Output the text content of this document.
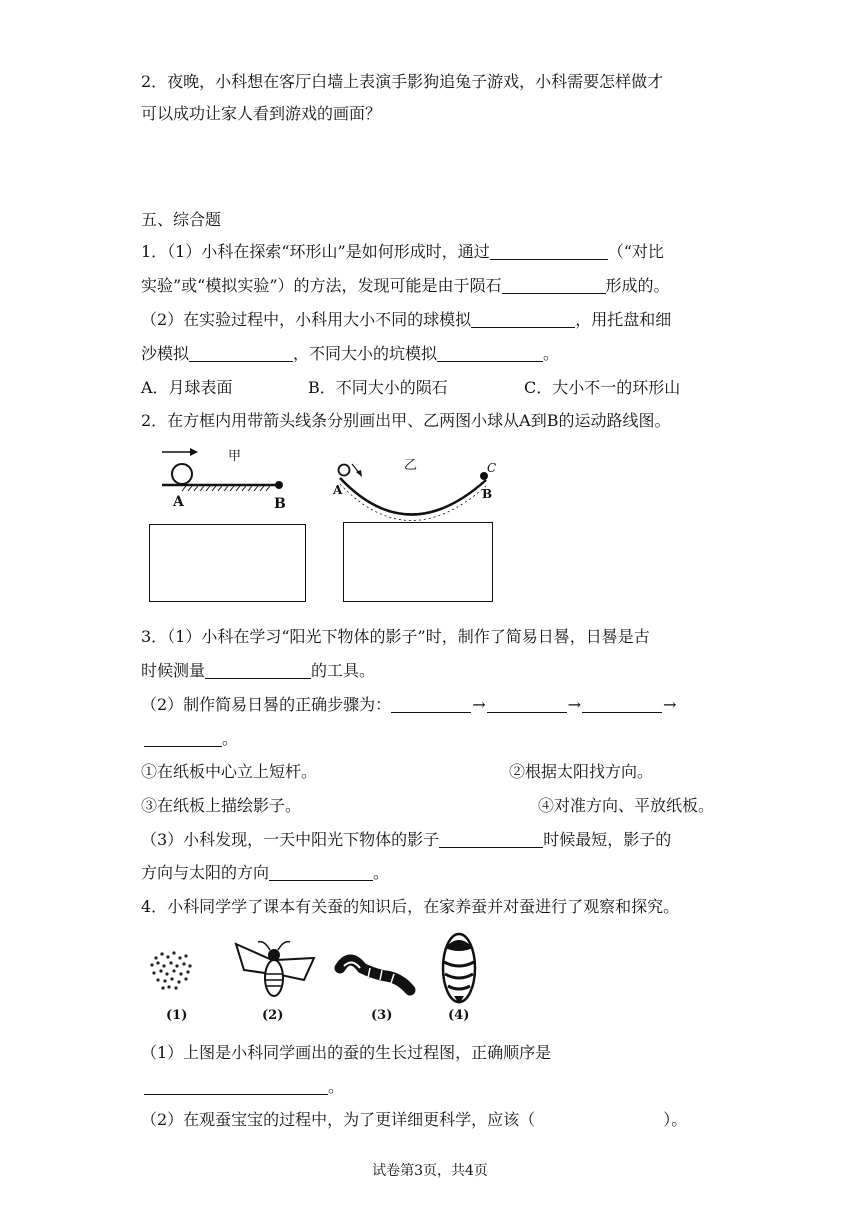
2．夜晚，小科想在客厅白墙上表演手影狗追兔子游戏，小科需要怎样做才
可以成功让家人看到游戏的画面？
五、综合题
1．（1）小科在探索“环形山”是如何形成时，通过	（“对比
实验”或“模拟实验”）的方法，发现可能是由于陨石	形成的。
（2）在实验过程中，小科用大小不同的球模拟	，用托盘和细
沙模拟	，不同大小的坑模拟	。
A．月球表面	B．不同大小的陨石	C．大小不一的环形山
2．在方框内用带箭头线条分别画出甲、乙两图小球从A到B的运动路线图。
甲
A	B
乙
A	B
C
3．（1）小科在学习“阳光下物体的影子”时，制作了简易日晷，日晷是古
时候测量	的工具。
（2）制作简易日晷的正确步骤为：	→	→	→
。
①在纸板中心立上短杆。	②根据太阳找方向。
③在纸板上描绘影子。	④对准方向、平放纸板。
（3）小科发现，一天中阳光下物体的影子	时候最短，影子的
方向与太阳的方向	。
4．小科同学学了课本有关蚕的知识后，在家养蚕并对蚕进行了观察和探究。
(1)	(2)	(3)	(4)
（1）上图是小科同学画出的蚕的生长过程图，正确顺序是
。
（2）在观蚕宝宝的过程中，为了更详细更科学，应该（	）。
试卷第3页，共4页
